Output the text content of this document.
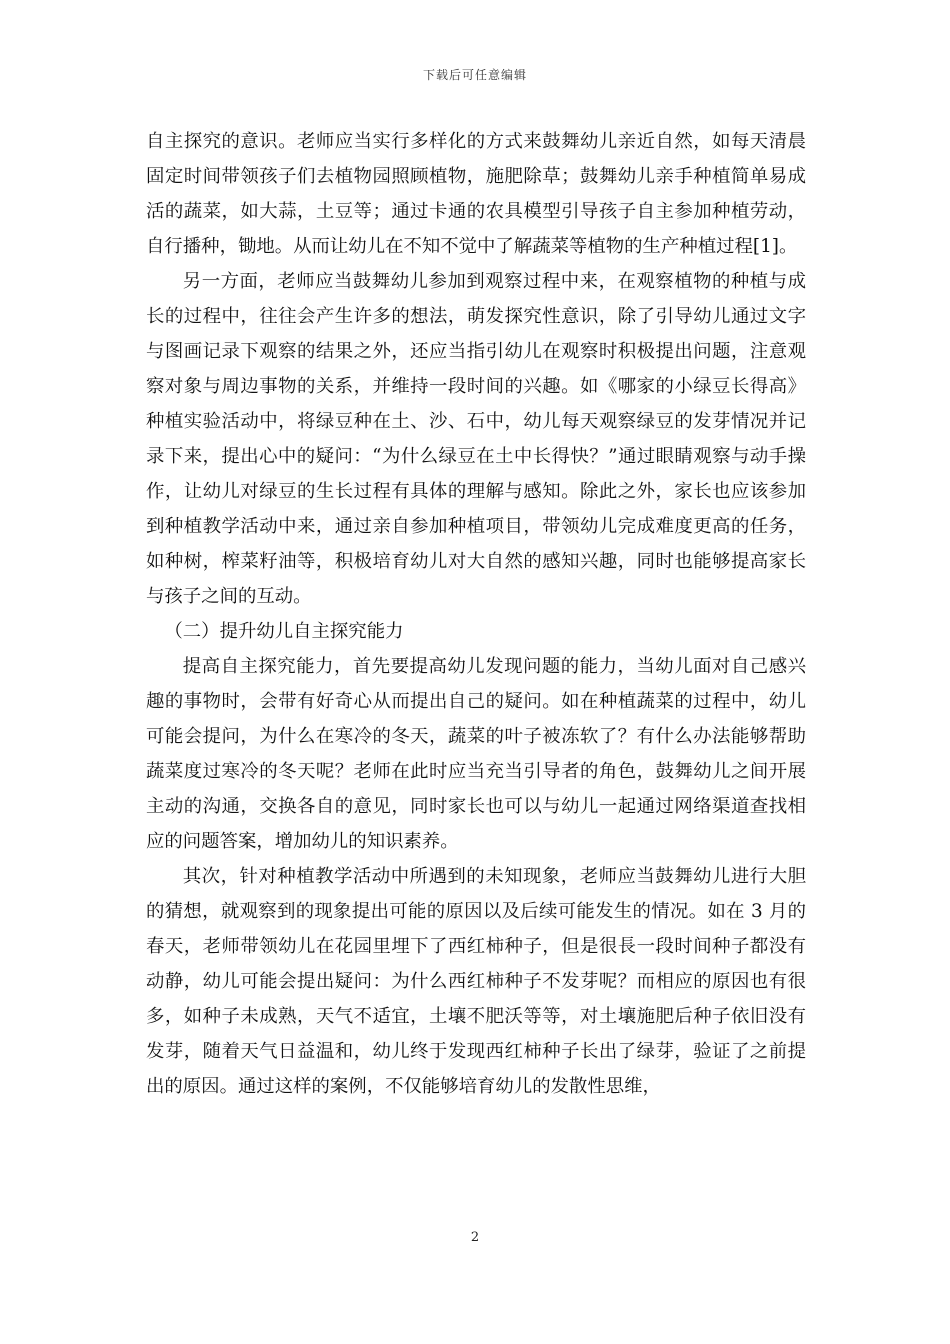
下载后可任意编辑

自主探究的意识。老师应当实行多样化的方式来鼓舞幼儿亲近自然，如每天清晨固定时间带领孩子们去植物园照顾植物，施肥除草；鼓舞幼儿亲手种植简单易成活的蔬菜，如大蒜，土豆等；通过卡通的农具模型引导孩子自主参加种植劳动，自行播种，锄地。从而让幼儿在不知不觉中了解蔬菜等植物的生产种植过程[1]。

另一方面，老师应当鼓舞幼儿参加到观察过程中来，在观察植物的种植与成长的过程中，往往会产生许多的想法，萌发探究性意识，除了引导幼儿通过文字与图画记录下观察的结果之外，还应当指引幼儿在观察时积极提出问题，注意观察对象与周边事物的关系，并维持一段时间的兴趣。如《哪家的小绿豆长得高》种植实验活动中，将绿豆种在土、沙、石中，幼儿每天观察绿豆的发芽情况并记录下来，提出心中的疑问：“为什么绿豆在土中长得快？”通过眼睛观察与动手操作，让幼儿对绿豆的生长过程有具体的理解与感知。除此之外，家长也应该参加到种植教学活动中来，通过亲自参加种植项目，带领幼儿完成难度更高的任务，如种树，榨菜籽油等，积极培育幼儿对大自然的感知兴趣，同时也能够提高家长与孩子之间的互动。

（二）提升幼儿自主探究能力

提高自主探究能力，首先要提高幼儿发现问题的能力，当幼儿面对自己感兴趣的事物时，会带有好奇心从而提出自己的疑问。如在种植蔬菜的过程中，幼儿可能会提问，为什么在寒冷的冬天，蔬菜的叶子被冻软了？有什么办法能够帮助蔬菜度过寒冷的冬天呢？老师在此时应当充当引导者的角色，鼓舞幼儿之间开展主动的沟通，交换各自的意见，同时家长也可以与幼儿一起通过网络渠道查找相应的问题答案，增加幼儿的知识素养。

其次，针对种植教学活动中所遇到的未知现象，老师应当鼓舞幼儿进行大胆的猜想，就观察到的现象提出可能的原因以及后续可能发生的情况。如在 3 月的春天，老师带领幼儿在花园里埋下了西红柿种子，但是很長一段时间种子都没有动静，幼儿可能会提出疑问：为什么西红柿种子不发芽呢？而相应的原因也有很多，如种子未成熟，天气不适宜，土壤不肥沃等等，对土壤施肥后种子依旧没有发芽，随着天气日益温和，幼儿终于发现西红柿种子长出了绿芽，验证了之前提出的原因。通过这样的案例，不仅能够培育幼儿的发散性思维，

2
